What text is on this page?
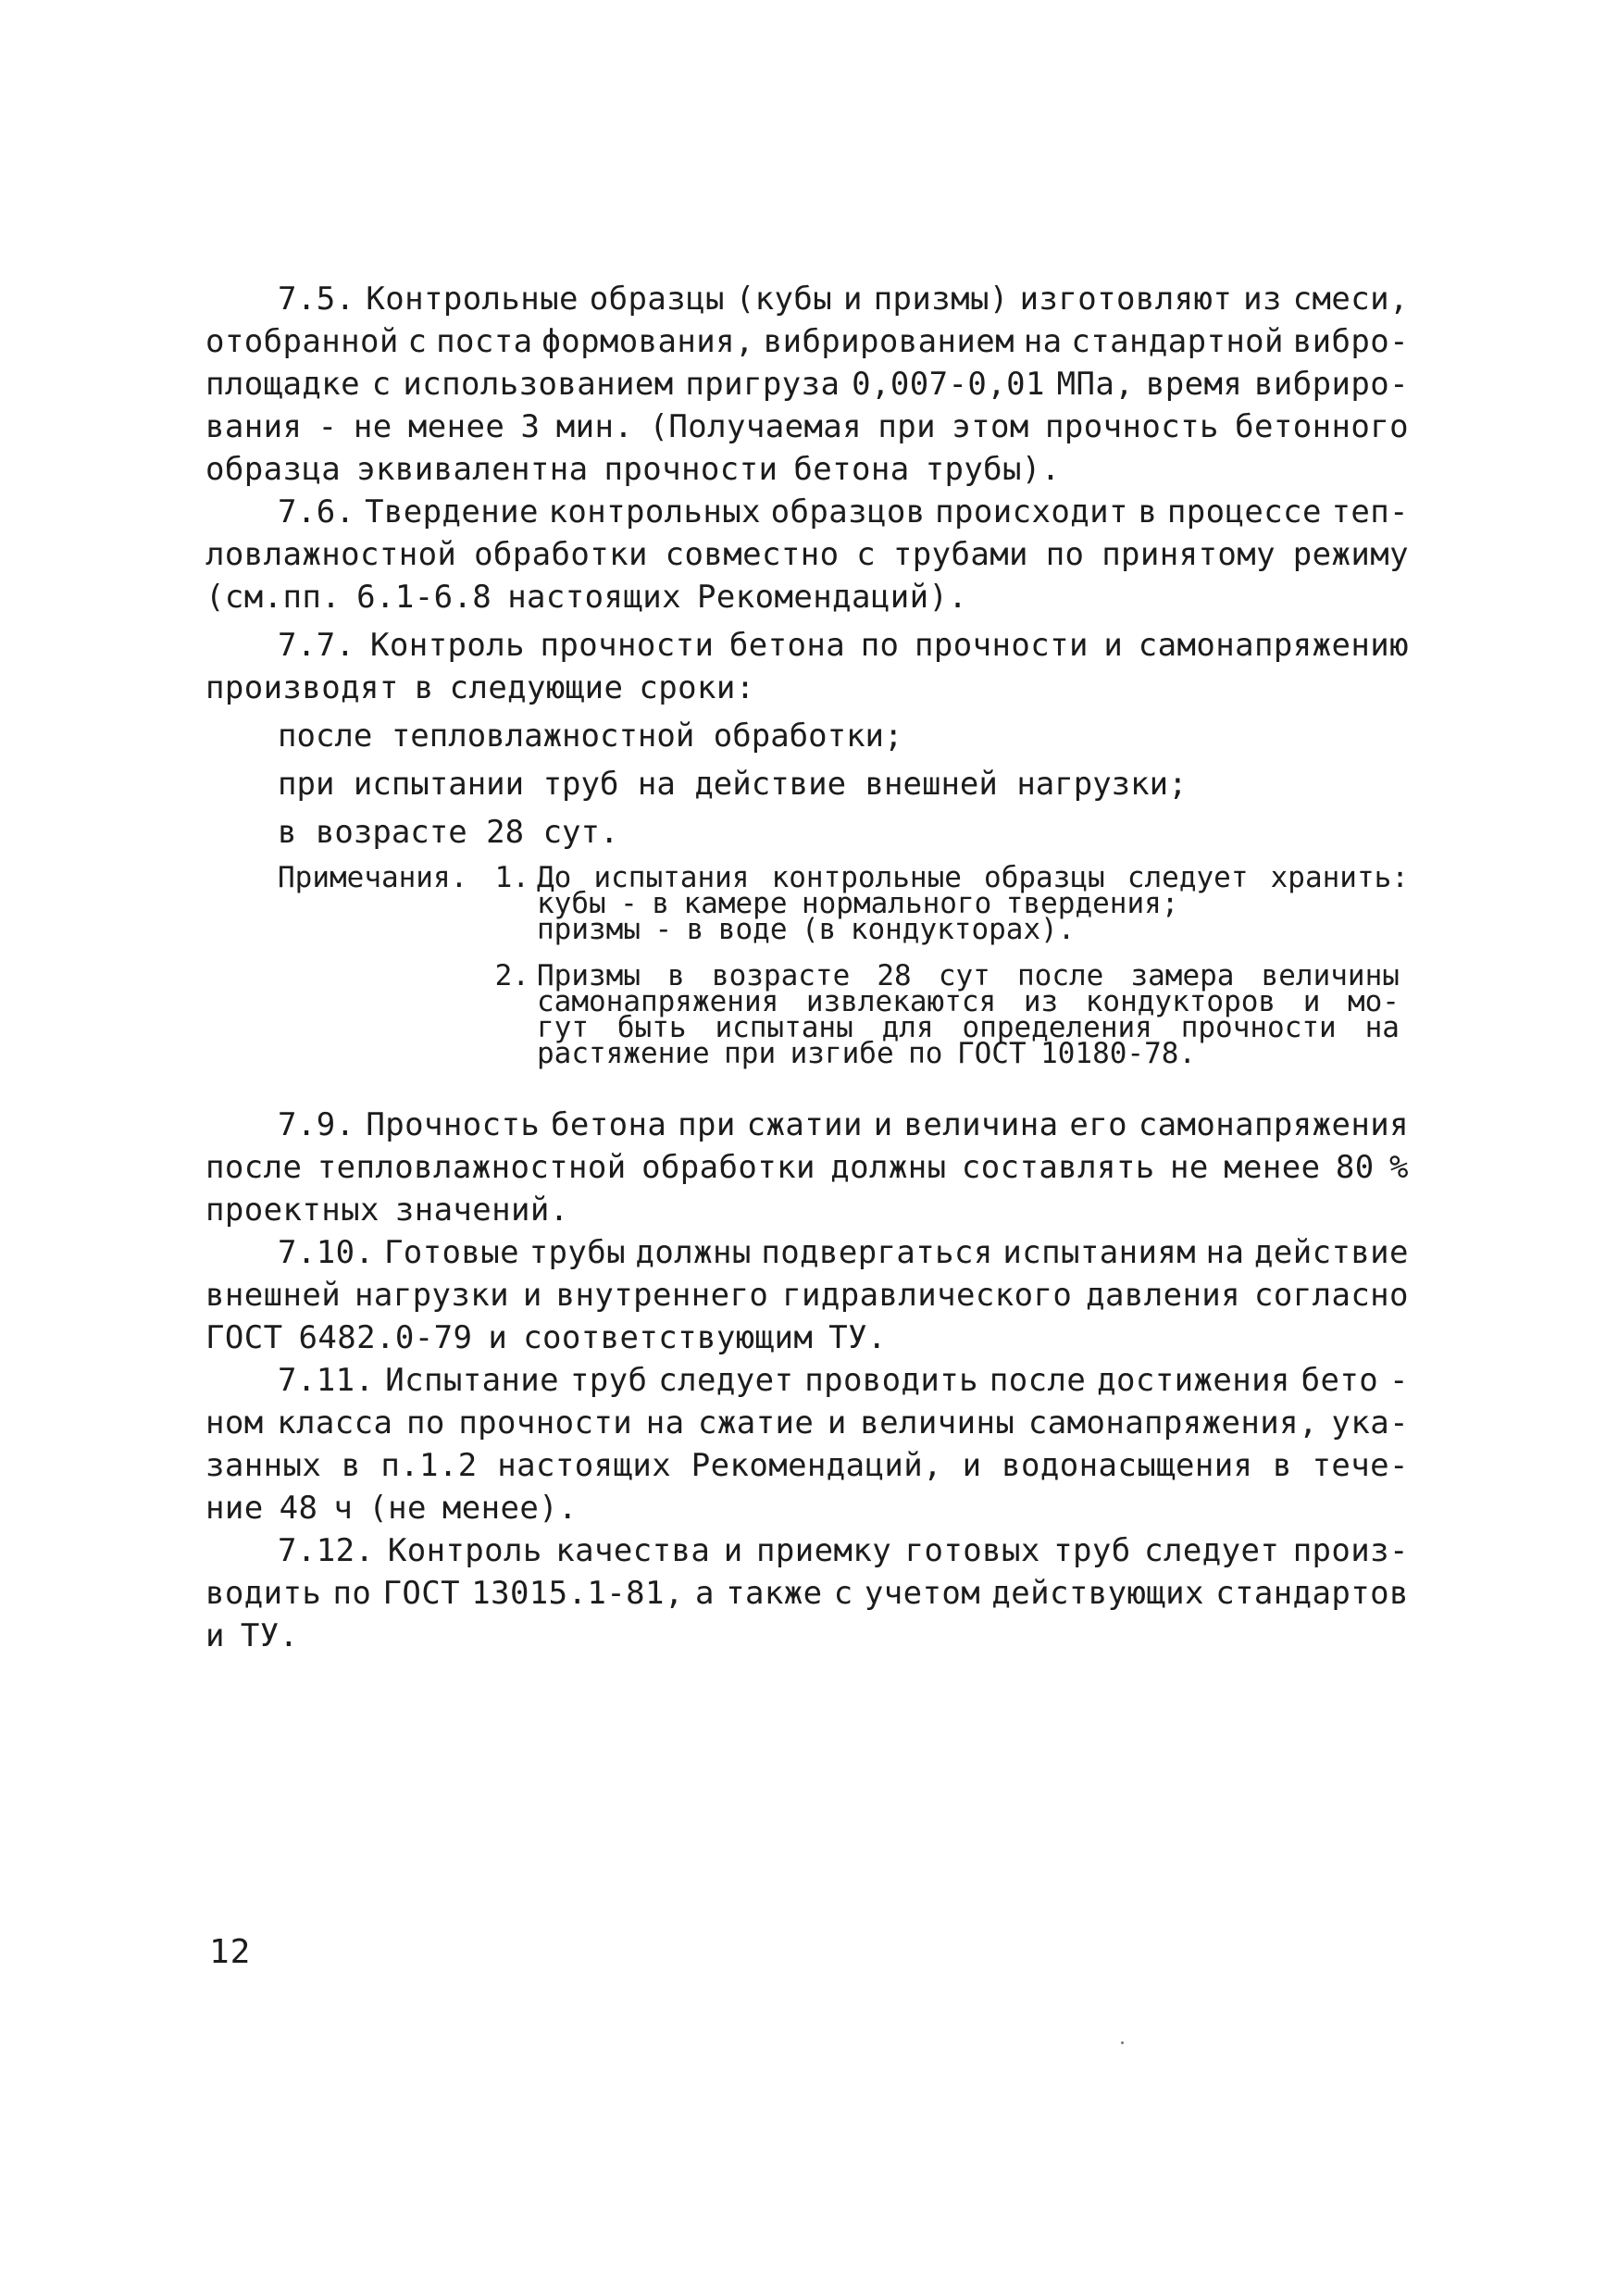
7.5. Контрольные образцы (кубы и призмы) изготовляют из смеси,
отобранной с поста формования, вибрированием на стандартной вибро-
площадке с использованием пригруза 0,007-0,01 МПа, время вибриро-
вания - не менее 3 мин. (Получаемая при этом прочность бетонного
образца эквивалентна прочности бетона трубы).
7.6. Твердение контрольных образцов происходит в процессе теп-
ловлажностной обработки совместно с трубами по принятому режиму
(см.пп. 6.1-6.8 настоящих Рекомендаций).
7.7. Контроль прочности бетона по прочности и самонапряжению
производят в следующие сроки:
после тепловлажностной обработки;
при испытании труб на действие внешней нагрузки;
в возрасте 28 сут.
Примечания. 1. До испытания контрольные образцы следует хранить:
кубы - в камере нормального твердения;
призмы - в воде (в кондукторах).
2. Призмы в возрасте 28 сут после замера величины
самонапряжения извлекаются из кондукторов и мо-
гут быть испытаны для определения прочности на
растяжение при изгибе по ГОСТ 10180-78.
7.9. Прочность бетона при сжатии и величина его самонапряжения
после тепловлажностной обработки должны составлять не менее 80 %
проектных значений.
7.10. Готовые трубы должны подвергаться испытаниям на действие
внешней нагрузки и внутреннего гидравлического давления согласно
ГОСТ 6482.0-79 и соответствующим ТУ.
7.11. Испытание труб следует проводить после достижения бето -
ном класса по прочности на сжатие и величины самонапряжения, ука-
занных в п.1.2 настоящих Рекомендаций, и водонасыщения в тече-
ние 48 ч (не менее).
7.12. Контроль качества и приемку готовых труб следует произ-
водить по ГОСТ 13015.1-81, а также с учетом действующих стандартов
и ТУ.
12
